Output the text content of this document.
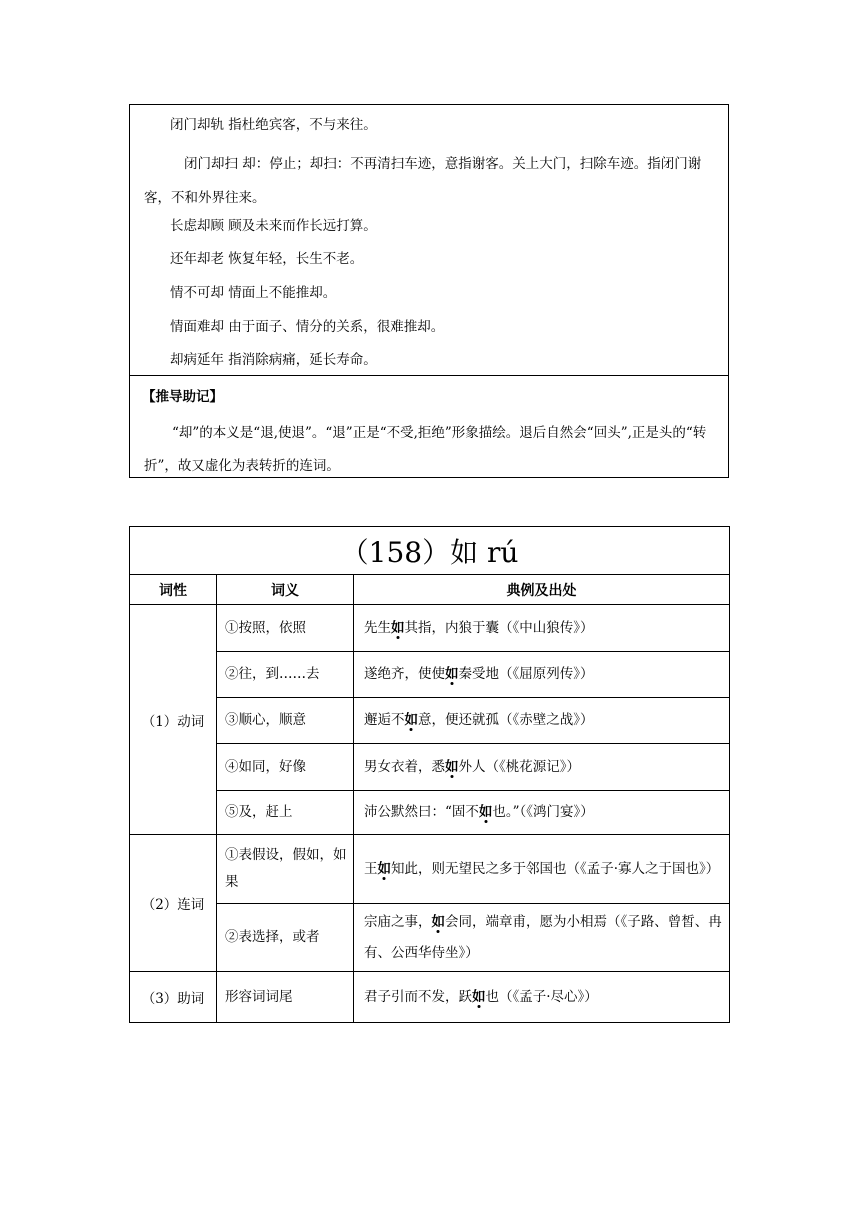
闭门却轨 指杜绝宾客，不与来往。
闭门却扫 却：停止；却扫：不再清扫车迹，意指谢客。关上大门，扫除车迹。指闭门谢客，不和外界往来。
长虑却顾 顾及未来而作长远打算。
还年却老 恢复年轻，长生不老。
情不可却 情面上不能推却。
情面难却 由于面子、情分的关系，很难推却。
却病延年 指消除病痛，延长寿命。
【推导助记】
“却”的本义是“退,使退”。“退”正是“不受,拒绝”形象描绘。退后自然会“回头”,正是头的“转折”，故又虚化为表转折的连词。
（158）如 rú		
词性	词义	典例及出处
（1）动词	①按照，依照	先生如其指，内狼于囊（《中山狼传》）
	②往，到……去	遂绝齐，使使如秦受地（《屈原列传》）
	③顺心，顺意	邂逅不如意，便还就孤（《赤壁之战》）
	④如同，好像	男女衣着，悉如外人（《桃花源记》）
	⑤及，赶上	沛公默然曰：“固不如也。”（《鸿门宴》）
（2）连词	①表假设，假如，如果	王如知此，则无望民之多于邻国也（《孟子·寡人之于国也》）
	②表选择，或者	宗庙之事，如会同，端章甫，愿为小相焉（《子路、曾皙、冉有、公西华侍坐》）
（3）助词	形容词词尾	君子引而不发，跃如也（《孟子·尽心》）
